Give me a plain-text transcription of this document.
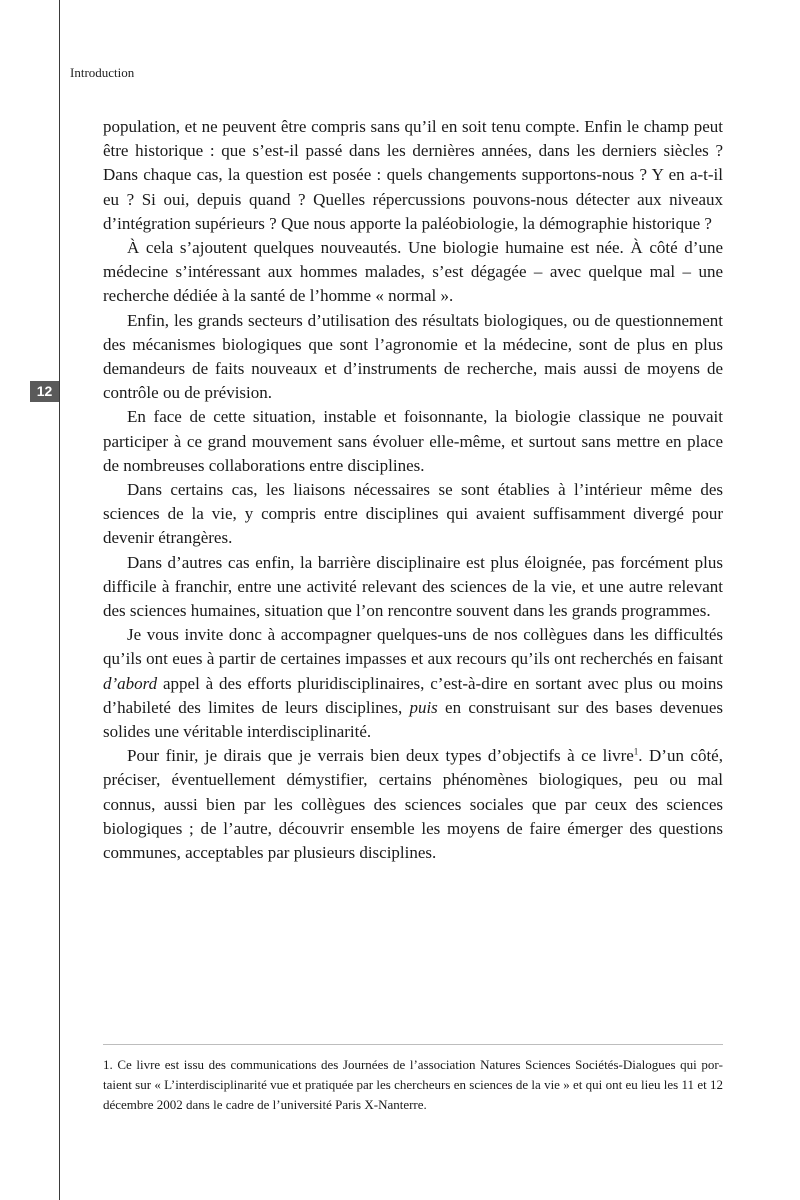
Introduction
12

population, et ne peuvent être compris sans qu’il en soit tenu compte. Enfin le champ peut être historique : que s’est-il passé dans les dernières années, dans les derniers siècles ? Dans chaque cas, la question est posée : quels changements supportons-nous ? Y en a-t-il eu ? Si oui, depuis quand ? Quelles répercussions pouvons-nous détecter aux niveaux d’intégration supérieurs ? Que nous apporte la paléobiologie, la démographie historique ?

À cela s’ajoutent quelques nouveautés. Une biologie humaine est née. À côté d’une médecine s’intéressant aux hommes malades, s’est dégagée – avec quelque mal – une recherche dédiée à la santé de l’homme « normal ».

Enfin, les grands secteurs d’utilisation des résultats biologiques, ou de questionnement des mécanismes biologiques que sont l’agronomie et la médecine, sont de plus en plus demandeurs de faits nouveaux et d’instruments de recherche, mais aussi de moyens de contrôle ou de prévision.

En face de cette situation, instable et foisonnante, la biologie classique ne pouvait participer à ce grand mouvement sans évoluer elle-même, et surtout sans mettre en place de nombreuses collaborations entre disciplines.

Dans certains cas, les liaisons nécessaires se sont établies à l’intérieur même des sciences de la vie, y compris entre disciplines qui avaient suffisamment divergé pour devenir étrangères.

Dans d’autres cas enfin, la barrière disciplinaire est plus éloignée, pas forcément plus difficile à franchir, entre une activité relevant des sciences de la vie, et une autre relevant des sciences humaines, situation que l’on rencontre souvent dans les grands programmes.

Je vous invite donc à accompagner quelques-uns de nos collègues dans les difficultés qu’ils ont eues à partir de certaines impasses et aux recours qu’ils ont recherchés en faisant d’abord appel à des efforts pluridisciplinaires, c’est-à-dire en sortant avec plus ou moins d’habileté des limites de leurs disciplines, puis en construisant sur des bases devenues solides une véritable interdisciplinarité.

Pour finir, je dirais que je verrais bien deux types d’objectifs à ce livre$^1$. D’un côté, préciser, éventuellement démystifier, certains phénomènes biologiques, peu ou mal connus, aussi bien par les collègues des sciences sociales que par ceux des sciences biologiques ; de l’autre, découvrir ensemble les moyens de faire émerger des questions communes, acceptables par plusieurs disciplines.

1. Ce livre est issu des communications des Journées de l’association Natures Sciences Sociétés-Dialogues qui portaient sur « L’interdisciplinarité vue et pratiquée par les chercheurs en sciences de la vie » et qui ont eu lieu les 11 et 12 décembre 2002 dans le cadre de l’université Paris X-Nanterre.
